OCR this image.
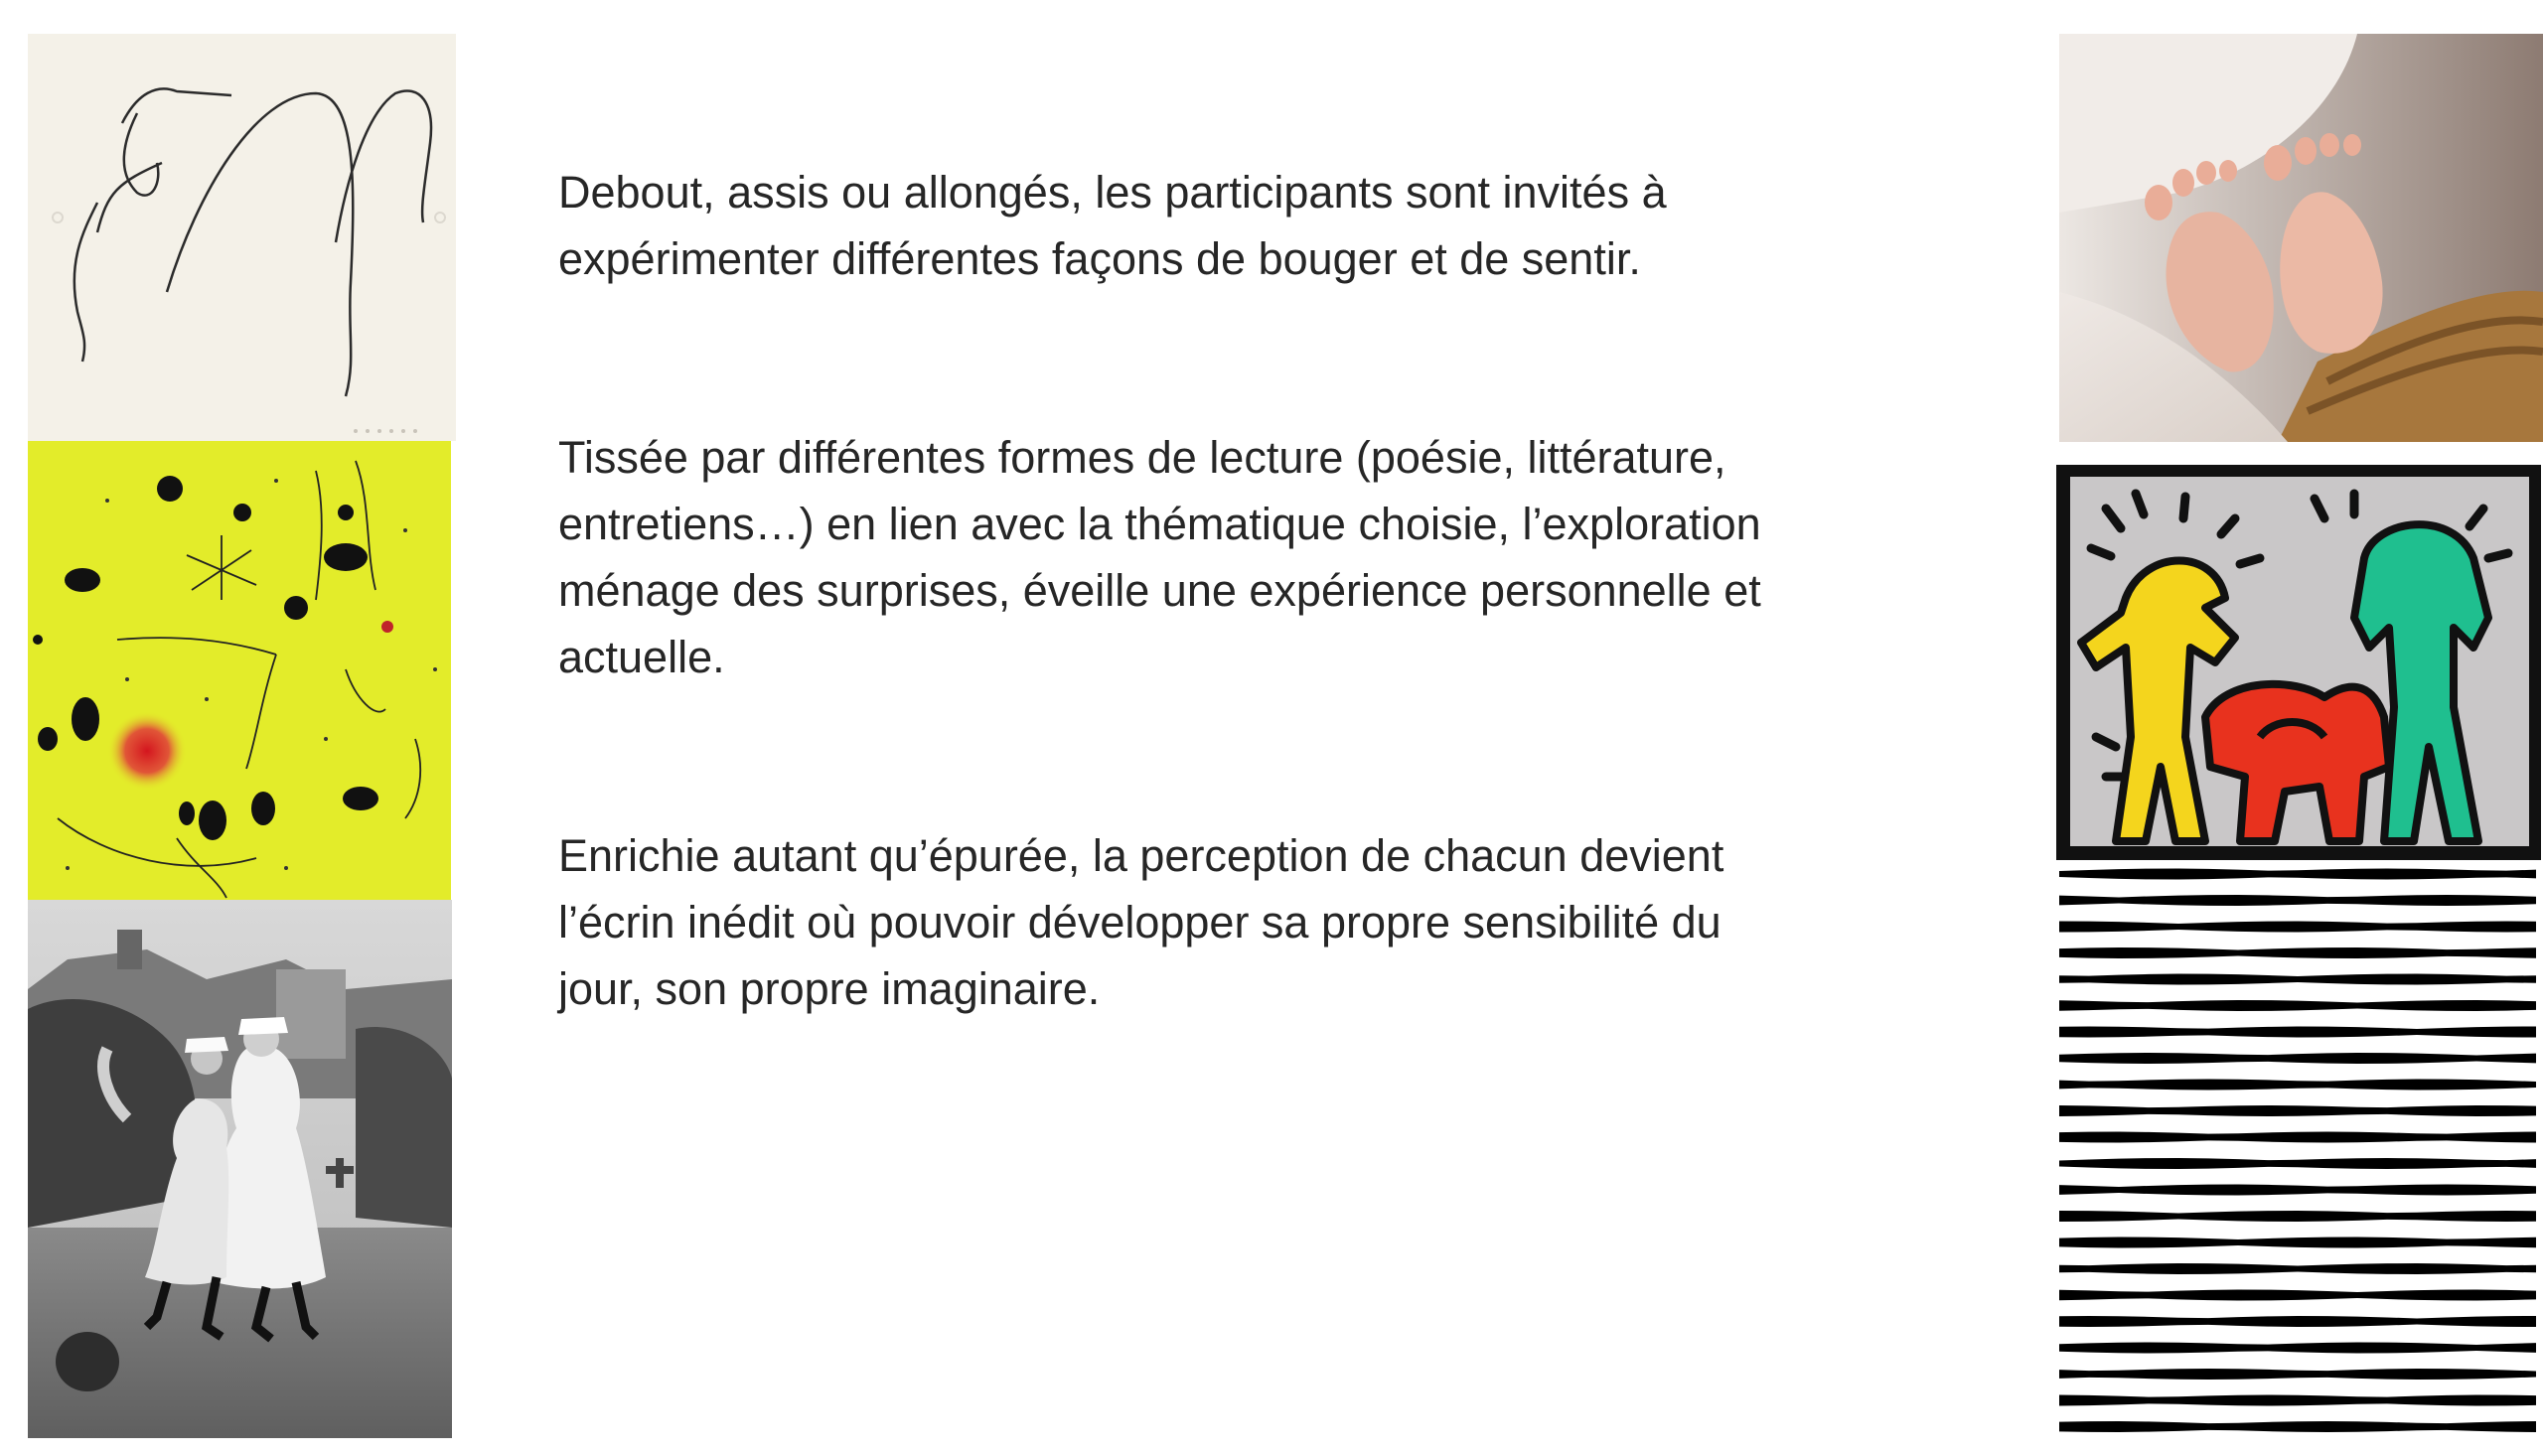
Debout, assis ou allongés, les participants sont invités à
expérimenter différentes façons de bouger et de sentir.

Tissée par différentes formes de lecture (poésie, littérature,
entretiens…) en lien avec la thématique choisie, l’exploration
ménage des surprises, éveille une expérience personnelle et
actuelle.

Enrichie autant qu’épurée, la perception de chacun devient
l’écrin inédit où pouvoir développer sa propre sensibilité du
jour, son propre imaginaire.
